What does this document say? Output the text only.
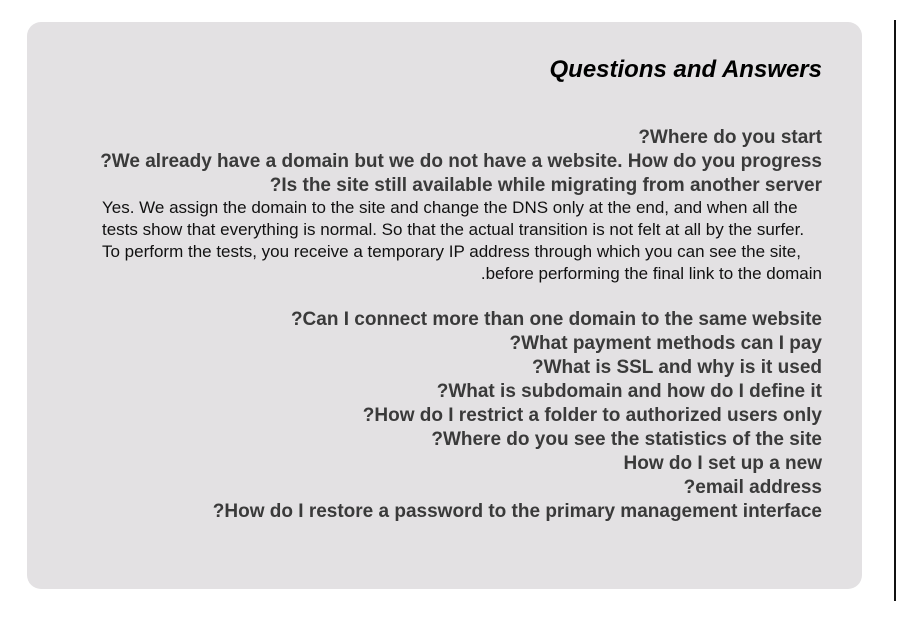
Questions and Answers
?Where do you start
?We already have a domain but we do not have a website. How do you progress
?Is the site still available while migrating from another server
Yes. We assign the domain to the site and change the DNS only at the end, and when all the
tests show that everything is normal. So that the actual transition is not felt at all by the surfer.
To perform the tests, you receive a temporary IP address through which you can see the site,
.before performing the final link to the domain
?Can I connect more than one domain to the same website
?What payment methods can I pay
?What is SSL and why is it used
?What is subdomain and how do I define it
?How do I restrict a folder to authorized users only
?Where do you see the statistics of the site
How do I set up a new
?email address
?How do I restore a password to the primary management interface
